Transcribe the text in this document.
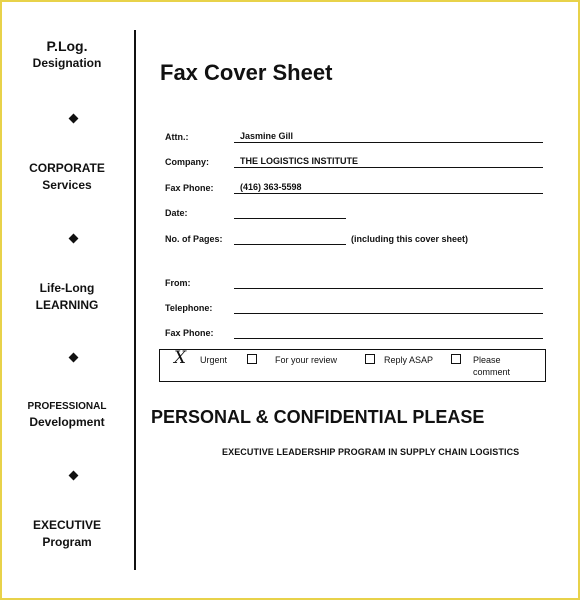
P.Log.
Designation
CORPORATE
Services
Life-Long
LEARNING
PROFESSIONAL
Development
EXECUTIVE
Program
Fax Cover Sheet
Attn.:	Jasmine Gill
Company:	THE LOGISTICS INSTITUTE
Fax Phone:	(416) 363-5598
Date:
No. of Pages:	(including this cover sheet)
From:
Telephone:
Fax Phone:
X Urgent	For your review	Reply ASAP	Please
comment
PERSONAL & CONFIDENTIAL PLEASE
EXECUTIVE LEADERSHIP PROGRAM IN SUPPLY CHAIN LOGISTICS
